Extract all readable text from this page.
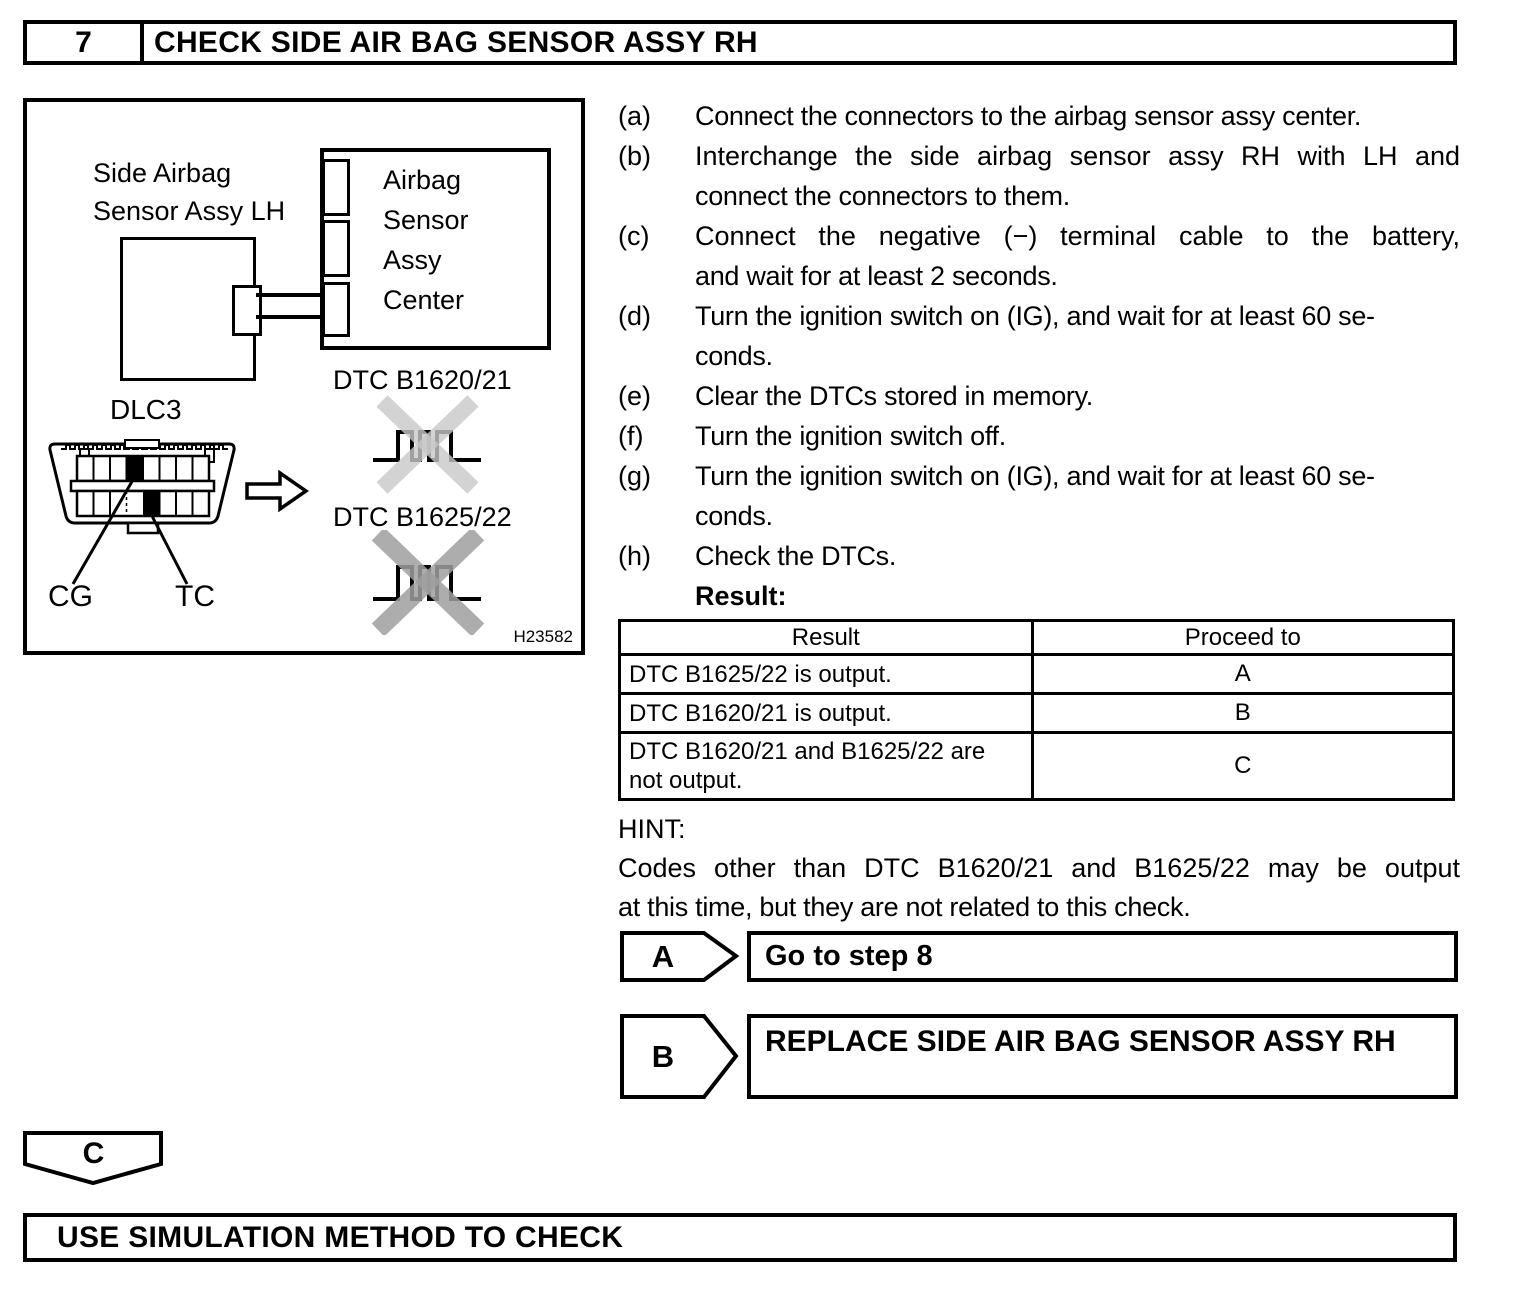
7	CHECK SIDE AIR BAG SENSOR ASSY RH
Side Airbag
Sensor Assy LH
Airbag
Sensor
Assy
Center
DTC B1620/21
DTC B1625/22
DLC3
CG	TC
H23582
(a)	Connect the connectors to the airbag sensor assy center.
(b)	Interchange the side airbag sensor assy RH with LH and
connect the connectors to them.
(c)	Connect the negative (−) terminal cable to the battery,
and wait for at least 2 seconds.
(d)	Turn the ignition switch on (IG), and wait for at least 60 se-
conds.
(e)	Clear the DTCs stored in memory.
(f)	Turn the ignition switch off.
(g)	Turn the ignition switch on (IG), and wait for at least 60 se-
conds.
(h)	Check the DTCs.
Result:
Result	Proceed to
DTC B1625/22 is output.	A
DTC B1620/21 is output.	B
DTC B1620/21 and B1625/22 are not output.	C
HINT:
Codes other than DTC B1620/21 and B1625/22 may be output
at this time, but they are not related to this check.
A	Go to step 8
B	REPLACE SIDE AIR BAG SENSOR ASSY RH
C
USE SIMULATION METHOD TO CHECK
